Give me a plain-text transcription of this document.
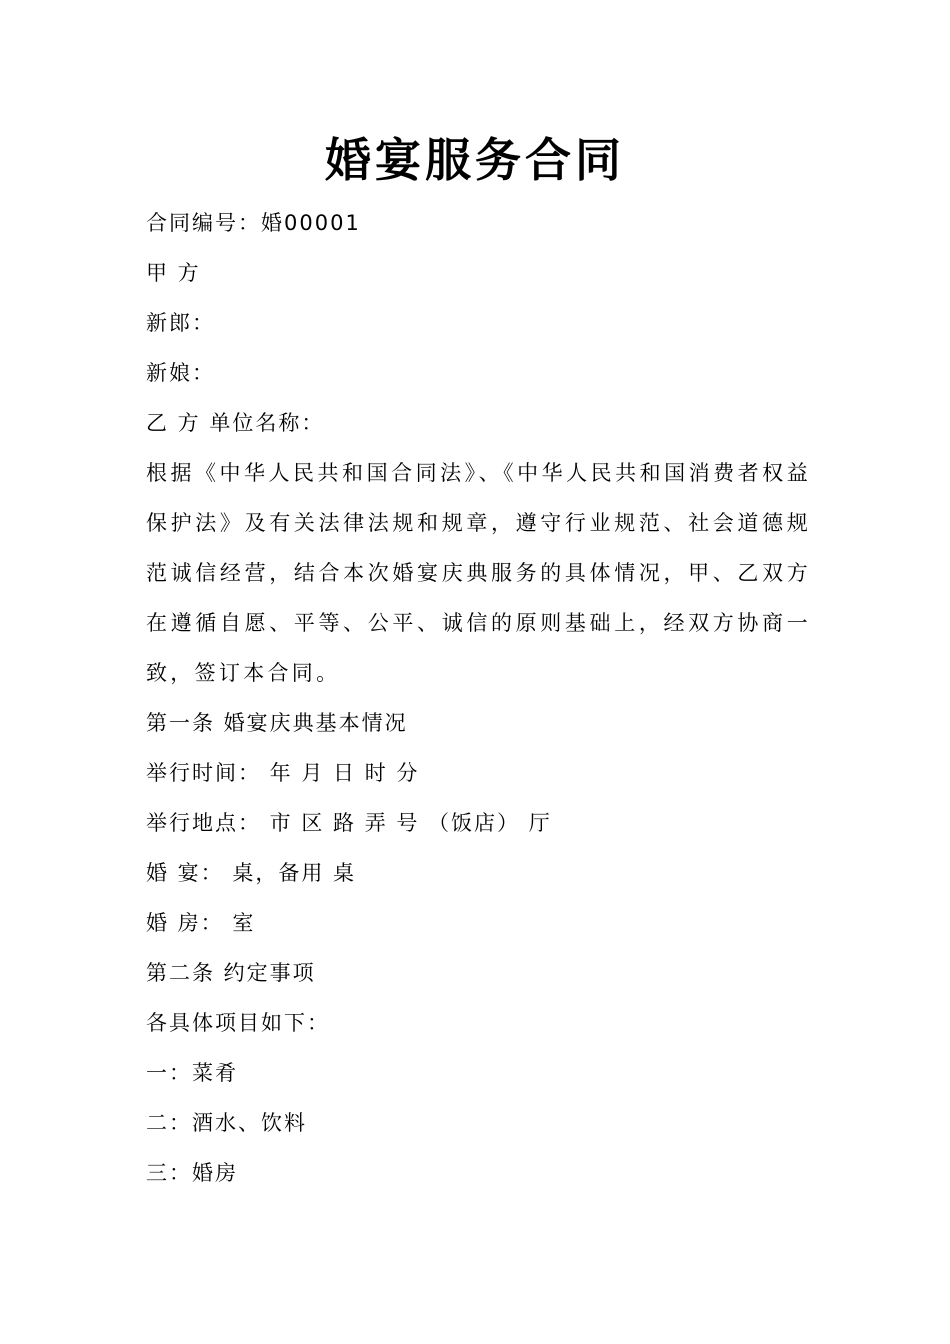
婚宴服务合同
合同编号：婚00001
甲 方
新郎：
新娘：
乙 方 单位名称：
根据《中华人民共和国合同法》、《中华人民共和国消费者权益保护法》及有关法律法规和规章，遵守行业规范、社会道德规范诚信经营，结合本次婚宴庆典服务的具体情况，甲、乙双方在遵循自愿、平等、公平、诚信的原则基础上，经双方协商一致，签订本合同。
第一条 婚宴庆典基本情况
举行时间： 年 月 日 时 分
举行地点： 市 区 路 弄 号 （饭店） 厅
婚 宴： 桌，备用 桌
婚 房： 室
第二条 约定事项
各具体项目如下：
一：菜肴
二：酒水、饮料
三：婚房
